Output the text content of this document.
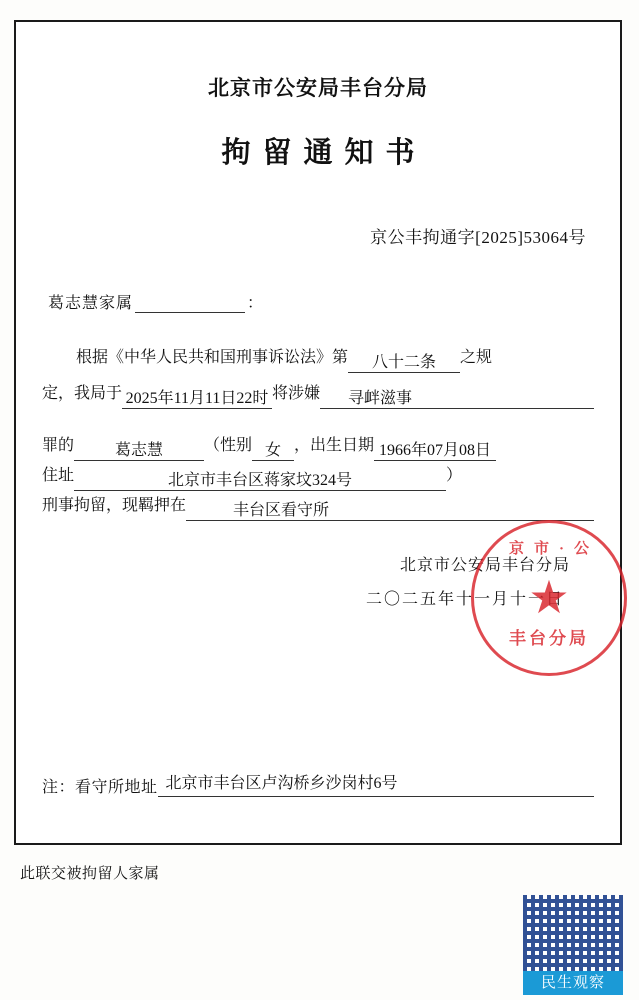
北京市公安局丰台分局
拘留通知书
京公丰拘通字[2025]53064号
葛志慧家属	：
根据《中华人民共和国刑事诉讼法》第	八十二条	之规
定，我局于 2025年11月11日22时 将涉嫌	寻衅滋事
罪的	葛志慧	（性别 女 ，出生日期 1966年07月08日
住址	北京市丰台区蒋家坟324号	）
刑事拘留，现羁押在	丰台区看守所
北京市公安局丰台分局
二〇二五年十一月十一日
注：看守所地址 北京市丰台区卢沟桥乡沙岗村6号
京市·公
★
丰台分局
此联交被拘留人家属
民生观察
